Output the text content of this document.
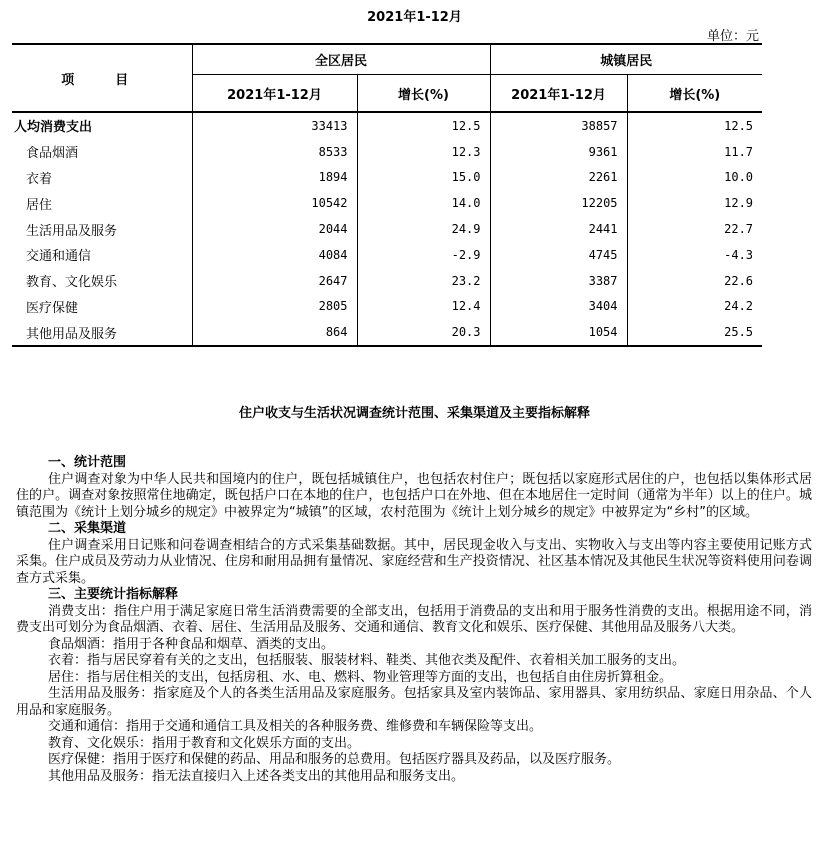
2021年1-12月
单位：元
项　目	全区居民		城镇居民	
	2021年1-12月	增长(%)	2021年1-12月	增长(%)
人均消费支出	33413	12.5	38857	12.5
食品烟酒	8533	12.3	9361	11.7
衣着	1894	15.0	2261	10.0
居住	10542	14.0	12205	12.9
生活用品及服务	2044	24.9	2441	22.7
交通和通信	4084	-2.9	4745	-4.3
教育、文化娱乐	2647	23.2	3387	22.6
医疗保健	2805	12.4	3404	24.2
其他用品及服务	864	20.3	1054	25.5
住户收支与生活状况调查统计范围、采集渠道及主要指标解释
一、统计范围
住户调查对象为中华人民共和国境内的住户，既包括城镇住户，也包括农村住户；既包括以家庭形式居住的户，也包括以集体形式居住的户。调查对象按照常住地确定，既包括户口在本地的住户，也包括户口在外地、但在本地居住一定时间（通常为半年）以上的住户。城镇范围为《统计上划分城乡的规定》中被界定为“城镇”的区域，农村范围为《统计上划分城乡的规定》中被界定为“乡村”的区域。
二、采集渠道
住户调查采用日记账和问卷调查相结合的方式采集基础数据。其中，居民现金收入与支出、实物收入与支出等内容主要使用记账方式采集。住户成员及劳动力从业情况、住房和耐用品拥有量情况、家庭经营和生产投资情况、社区基本情况及其他民生状况等资料使用问卷调查方式采集。
三、主要统计指标解释
消费支出：指住户用于满足家庭日常生活消费需要的全部支出，包括用于消费品的支出和用于服务性消费的支出。根据用途不同，消费支出可划分为食品烟酒、衣着、居住、生活用品及服务、交通和通信、教育文化和娱乐、医疗保健、其他用品及服务八大类。
食品烟酒：指用于各种食品和烟草、酒类的支出。
衣着：指与居民穿着有关的之支出，包括服装、服装材料、鞋类、其他衣类及配件、衣着相关加工服务的支出。
居住：指与居住相关的支出，包括房租、水、电、燃料、物业管理等方面的支出，也包括自由住房折算租金。
生活用品及服务：指家庭及个人的各类生活用品及家庭服务。包括家具及室内装饰品、家用器具、家用纺织品、家庭日用杂品、个人用品和家庭服务。
交通和通信：指用于交通和通信工具及相关的各种服务费、维修费和车辆保险等支出。
教育、文化娱乐：指用于教育和文化娱乐方面的支出。
医疗保健：指用于医疗和保健的药品、用品和服务的总费用。包括医疗器具及药品，以及医疗服务。
其他用品及服务：指无法直接归入上述各类支出的其他用品和服务支出。
